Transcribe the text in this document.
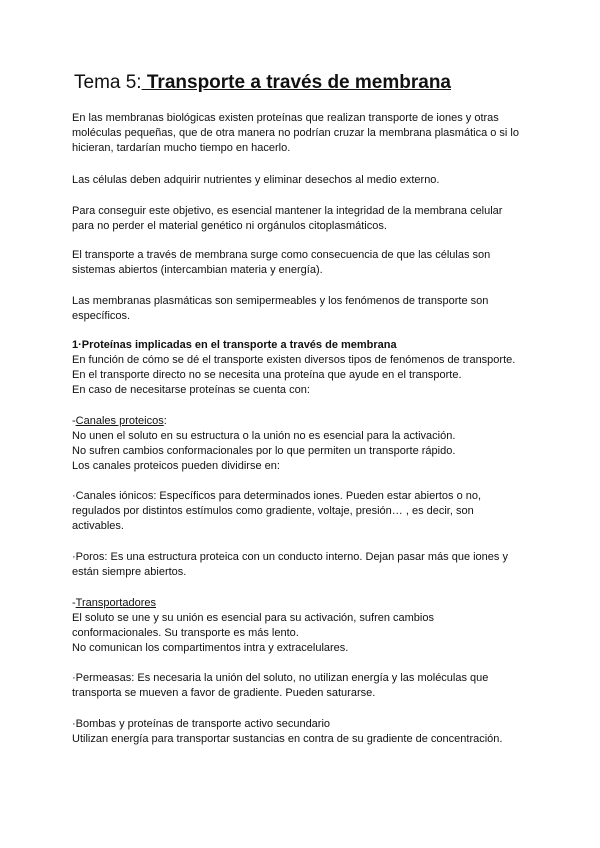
Tema 5: Transporte a través de membrana
En las membranas biológicas existen proteínas que realizan transporte de iones y otras
moléculas pequeñas, que de otra manera no podrían cruzar la membrana plasmática o si lo
hicieran, tardarían mucho tiempo en hacerlo.
Las células deben adquirir nutrientes y eliminar desechos al medio externo.
Para conseguir este objetivo, es esencial mantener la integridad de la membrana celular
para no perder el material genético ni orgánulos citoplasmáticos.
El transporte a través de membrana surge como consecuencia de que las células son
sistemas abiertos (intercambian materia y energía).
Las membranas plasmáticas son semipermeables y los fenómenos de transporte son
específicos.
1·Proteínas implicadas en el transporte a través de membrana
En función de cómo se dé el transporte existen diversos tipos de fenómenos de transporte.
En el transporte directo no se necesita una proteína que ayude en el transporte.
En caso de necesitarse proteínas se cuenta con:
-Canales proteicos:
No unen el soluto en su estructura o la unión no es esencial para la activación.
No sufren cambios conformacionales por lo que permiten un transporte rápido.
Los canales proteicos pueden dividirse en:
·Canales iónicos: Específicos para determinados iones. Pueden estar abiertos o no,
regulados por distintos estímulos como gradiente, voltaje, presión… , es decir, son
activables.
·Poros: Es una estructura proteica con un conducto interno. Dejan pasar más que iones y
están siempre abiertos.
-Transportadores
El soluto se une y su unión es esencial para su activación, sufren cambios
conformacionales. Su transporte es más lento.
No comunican los compartimentos intra y extracelulares.
·Permeasas: Es necesaria la unión del soluto, no utilizan energía y las moléculas que
transporta se mueven a favor de gradiente. Pueden saturarse.
·Bombas y proteínas de transporte activo secundario
Utilizan energía para transportar sustancias en contra de su gradiente de concentración.
